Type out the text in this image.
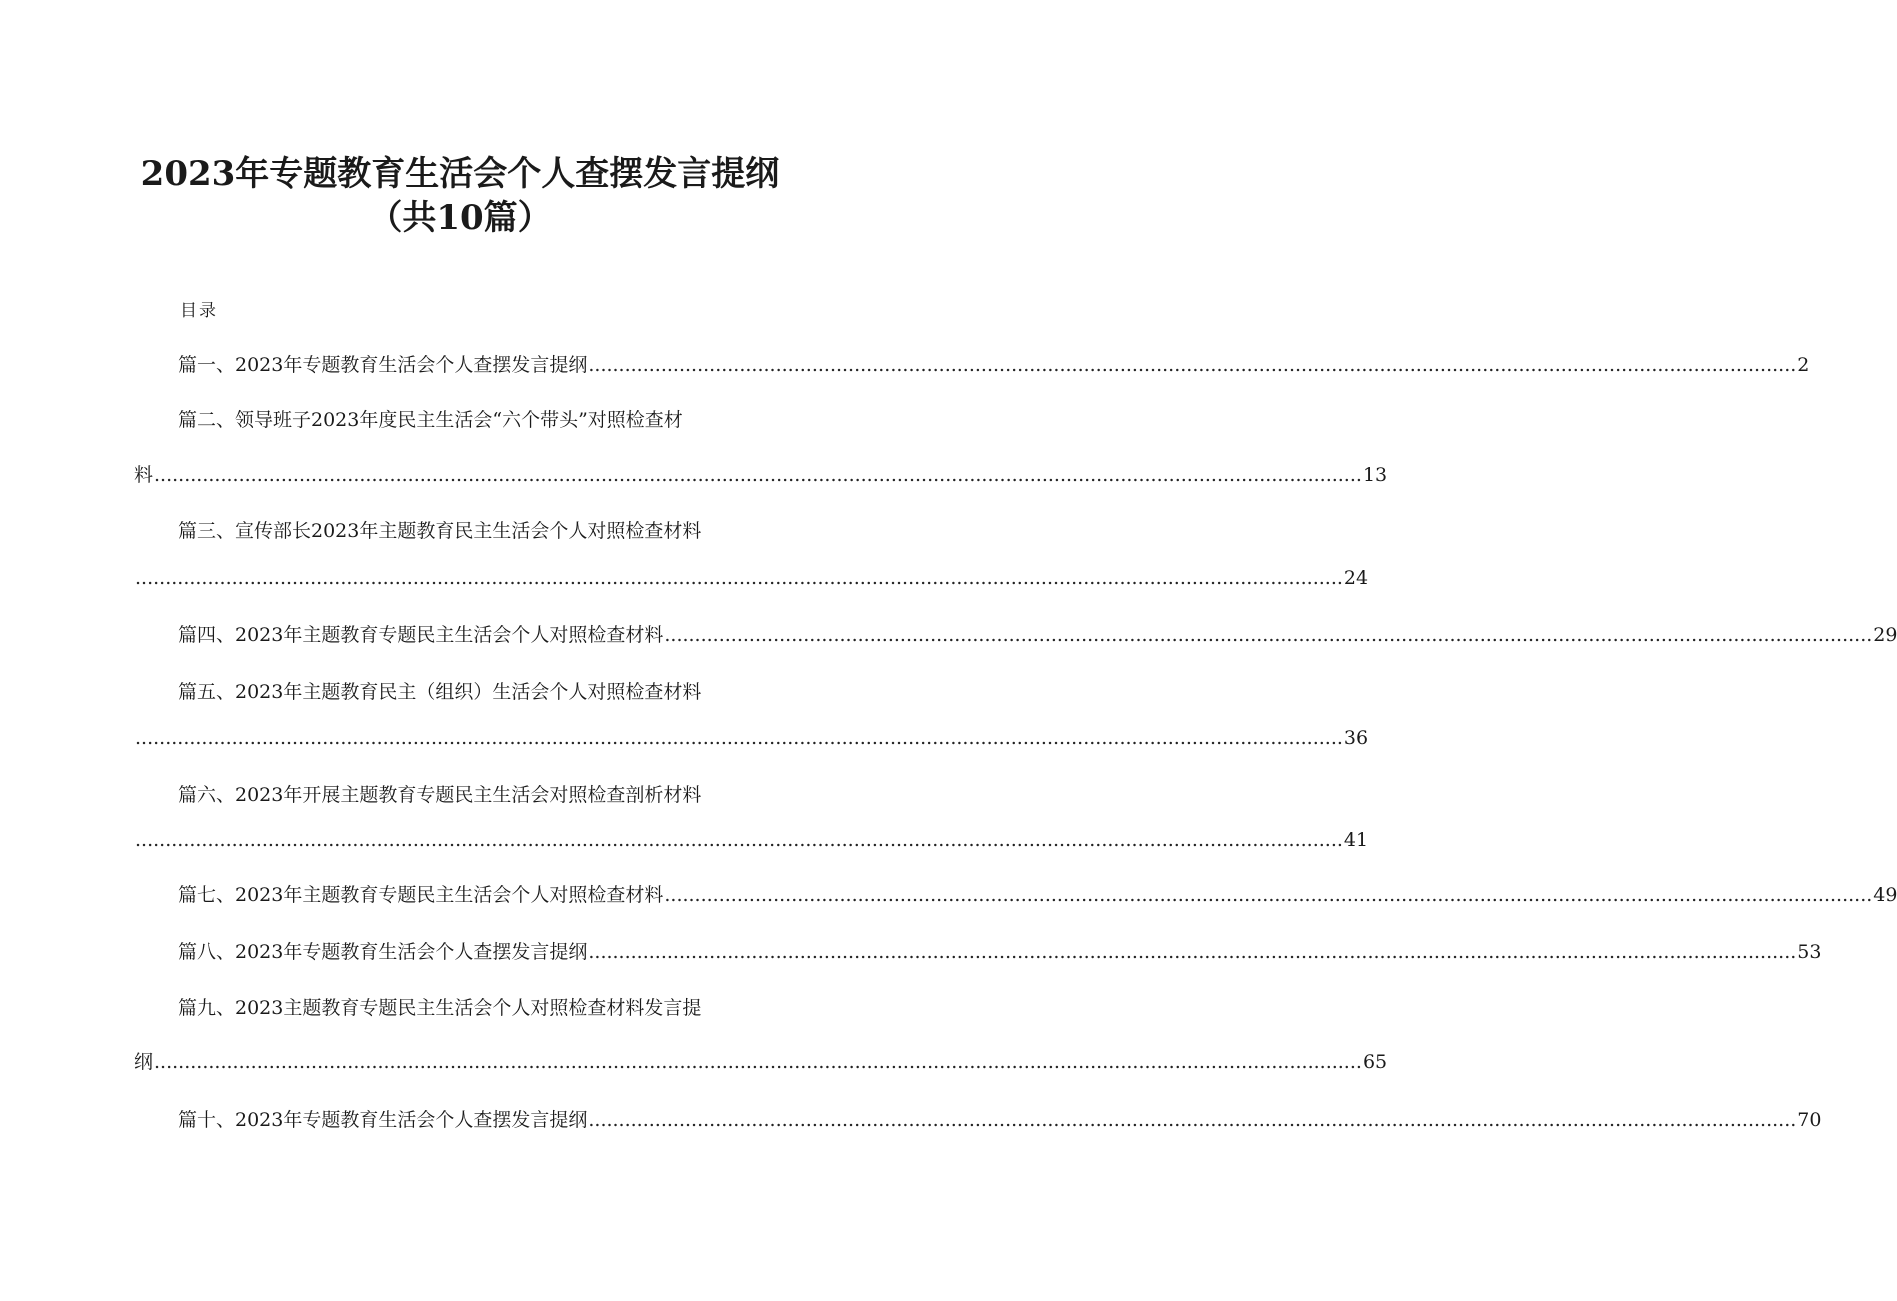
2023年专题教育生活会个人查摆发言提纲
（共10篇）
目录
篇一、2023年专题教育生活会个人查摆发言提纲 ........................................................................................................................................................................................................ 2
篇二、领导班子2023年度民主生活会“六个带头”对照检查材
料 ........................................................................................................................................................................................................ 13
篇三、宣传部长2023年主题教育民主生活会个人对照检查材料
........................................................................................................................................................................................................ 24
篇四、2023年主题教育专题民主生活会个人对照检查材料 ........................................................................................................................................................................................................ 29
篇五、2023年主题教育民主（组织）生活会个人对照检查材料
........................................................................................................................................................................................................ 36
篇六、2023年开展主题教育专题民主生活会对照检查剖析材料
........................................................................................................................................................................................................ 41
篇七、2023年主题教育专题民主生活会个人对照检查材料 ........................................................................................................................................................................................................ 49
篇八、2023年专题教育生活会个人查摆发言提纲 ........................................................................................................................................................................................................ 53
篇九、2023主题教育专题民主生活会个人对照检查材料发言提
纲 ........................................................................................................................................................................................................ 65
篇十、2023年专题教育生活会个人查摆发言提纲 ........................................................................................................................................................................................................ 70
